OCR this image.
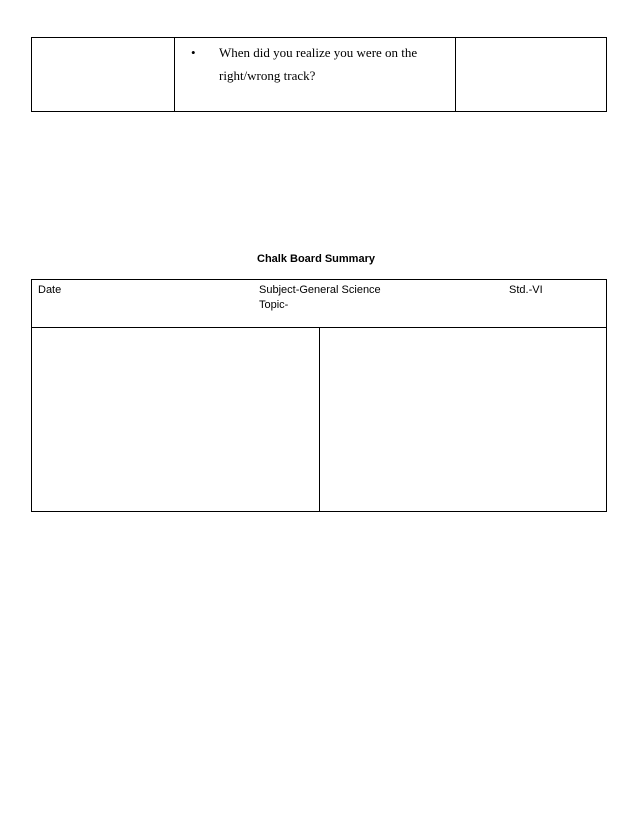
• When did you realize you were on the right/wrong track?
Chalk Board Summary
Date	Subject-General Science
Topic-
Std.-VI
